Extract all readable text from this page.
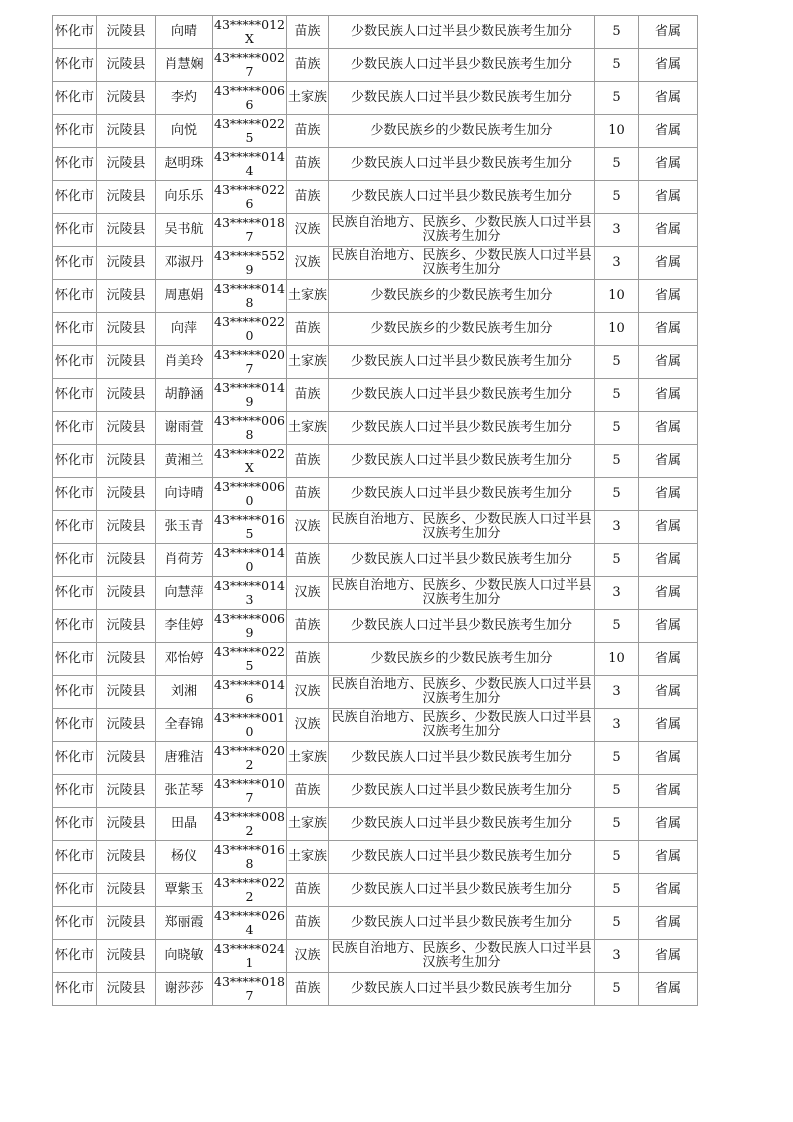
怀化市	沅陵县	向晴	43*****012X	苗族	少数民族人口过半县少数民族考生加分	5	省属
怀化市	沅陵县	肖慧娴	43*****0027	苗族	少数民族人口过半县少数民族考生加分	5	省属
怀化市	沅陵县	李灼	43*****0066	土家族	少数民族人口过半县少数民族考生加分	5	省属
怀化市	沅陵县	向悦	43*****0225	苗族	少数民族乡的少数民族考生加分	10	省属
怀化市	沅陵县	赵明珠	43*****0144	苗族	少数民族人口过半县少数民族考生加分	5	省属
怀化市	沅陵县	向乐乐	43*****0226	苗族	少数民族人口过半县少数民族考生加分	5	省属
怀化市	沅陵县	吴书航	43*****0187	汉族	民族自治地方、民族乡、少数民族人口过半县汉族考生加分	3	省属
怀化市	沅陵县	邓淑丹	43*****5529	汉族	民族自治地方、民族乡、少数民族人口过半县汉族考生加分	3	省属
怀化市	沅陵县	周惠娟	43*****0148	土家族	少数民族乡的少数民族考生加分	10	省属
怀化市	沅陵县	向萍	43*****0220	苗族	少数民族乡的少数民族考生加分	10	省属
怀化市	沅陵县	肖美玲	43*****0207	土家族	少数民族人口过半县少数民族考生加分	5	省属
怀化市	沅陵县	胡静涵	43*****0149	苗族	少数民族人口过半县少数民族考生加分	5	省属
怀化市	沅陵县	谢雨萱	43*****0068	土家族	少数民族人口过半县少数民族考生加分	5	省属
怀化市	沅陵县	黄湘兰	43*****022X	苗族	少数民族人口过半县少数民族考生加分	5	省属
怀化市	沅陵县	向诗晴	43*****0060	苗族	少数民族人口过半县少数民族考生加分	5	省属
怀化市	沅陵县	张玉青	43*****0165	汉族	民族自治地方、民族乡、少数民族人口过半县汉族考生加分	3	省属
怀化市	沅陵县	肖荷芳	43*****0140	苗族	少数民族人口过半县少数民族考生加分	5	省属
怀化市	沅陵县	向慧萍	43*****0143	汉族	民族自治地方、民族乡、少数民族人口过半县汉族考生加分	3	省属
怀化市	沅陵县	李佳婷	43*****0069	苗族	少数民族人口过半县少数民族考生加分	5	省属
怀化市	沅陵县	邓怡婷	43*****0225	苗族	少数民族乡的少数民族考生加分	10	省属
怀化市	沅陵县	刘湘	43*****0146	汉族	民族自治地方、民族乡、少数民族人口过半县汉族考生加分	3	省属
怀化市	沅陵县	全春锦	43*****0010	汉族	民族自治地方、民族乡、少数民族人口过半县汉族考生加分	3	省属
怀化市	沅陵县	唐雅洁	43*****0202	土家族	少数民族人口过半县少数民族考生加分	5	省属
怀化市	沅陵县	张芷琴	43*****0107	苗族	少数民族人口过半县少数民族考生加分	5	省属
怀化市	沅陵县	田晶	43*****0082	土家族	少数民族人口过半县少数民族考生加分	5	省属
怀化市	沅陵县	杨仪	43*****0168	土家族	少数民族人口过半县少数民族考生加分	5	省属
怀化市	沅陵县	覃紫玉	43*****0222	苗族	少数民族人口过半县少数民族考生加分	5	省属
怀化市	沅陵县	郑丽霞	43*****0264	苗族	少数民族人口过半县少数民族考生加分	5	省属
怀化市	沅陵县	向晓敏	43*****0241	汉族	民族自治地方、民族乡、少数民族人口过半县汉族考生加分	3	省属
怀化市	沅陵县	谢莎莎	43*****0187	苗族	少数民族人口过半县少数民族考生加分	5	省属
